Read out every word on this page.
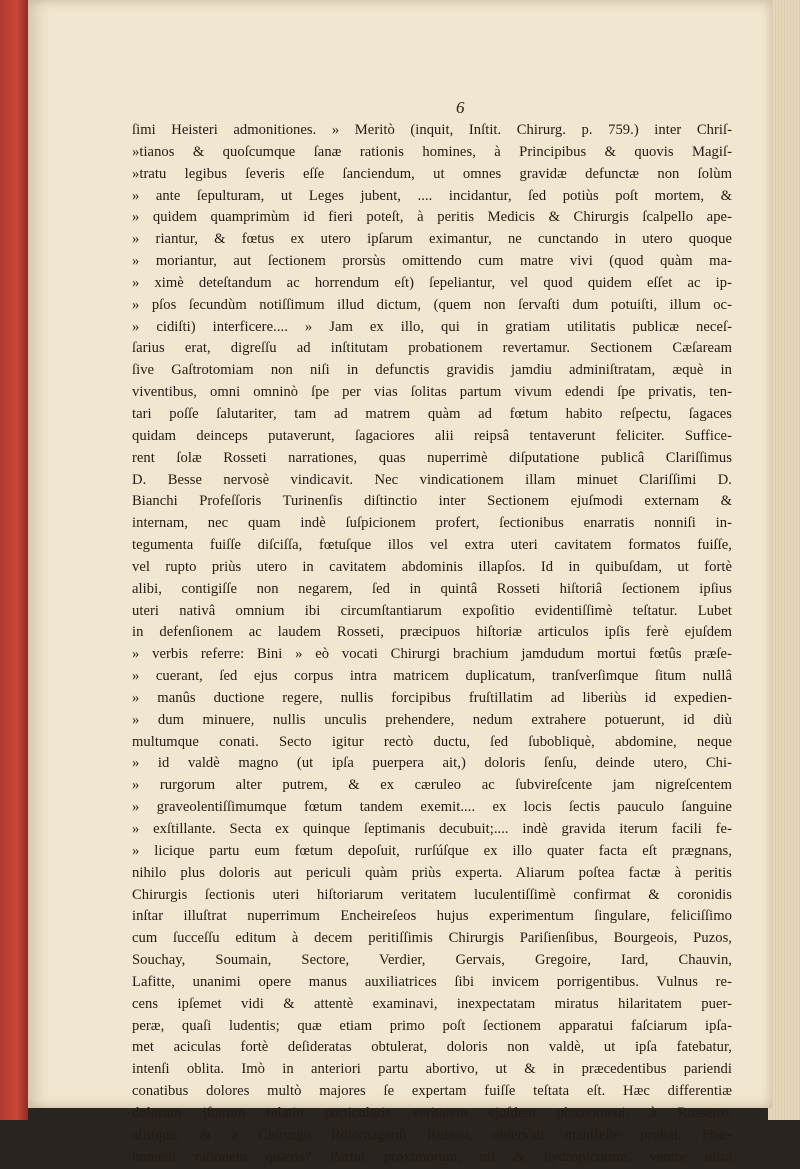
6
ſimi Heisteri admonitiones. » Meritò (inquit, Inſtit. Chirurg. p. 759.) inter Chriſ-
»tianos & quoſcumque ſanæ rationis homines, à Principibus & quovis Magiſ-
»tratu legibus ſeveris eſſe ſanciendum, ut omnes gravidæ defunctæ non ſolùm
» ante ſepulturam, ut Leges jubent, .... incidantur, ſed potiùs poſt mortem, &
» quidem quamprimùm id fieri poteſt, à peritis Medicis & Chirurgis ſcalpello ape-
» riantur, & fœtus ex utero ipſarum eximantur, ne cunctando in utero quoque
» moriantur, aut ſectionem prorsùs omittendo cum matre vivi (quod quàm ma-
» ximè deteſtandum ac horrendum eſt) ſepeliantur, vel quod quidem eſſet ac ip-
» pſos ſecundùm notiſſimum illud dictum, (quem non ſervaſti dum potuiſti, illum oc-
» cidiſti) interficere.... » Jam ex illo, qui in gratiam utilitatis publicæ neceſ-
ſarius erat, digreſſu ad inſtitutam probationem revertamur. Sectionem Cæſaream
ſive Gaſtrotomiam non niſi in defunctis gravidis jamdiu adminiſtratam, æquè in
viventibus, omni omninò ſpe per vias ſolitas partum vivum edendi ſpe privatis, ten-
tari poſſe ſalutariter, tam ad matrem quàm ad fœtum habito reſpectu, ſagaces
quidam deinceps putaverunt, ſagaciores alii reipsâ tentaverunt feliciter. Suffice-
rent ſolæ Rosseti narrationes, quas nuperrimè diſputatione publicâ Clariſſimus
D. Besse nervosè vindicavit. Nec vindicationem illam minuet Clariſſimi D.
Bianchi Profeſſoris Turinenſis diſtinctio inter Sectionem ejuſmodi externam &
internam, nec quam indè ſuſpicionem profert, ſectionibus enarratis nonniſi in-
tegumenta fuiſſe diſciſſa, fœtuſque illos vel extra uteri cavitatem formatos fuiſſe,
vel rupto priùs utero in cavitatem abdominis illapſos. Id in quibuſdam, ut fortè
alibi, contigiſſe non negarem, ſed in quintâ Rosseti hiſtoriâ ſectionem ipſius
uteri nativâ omnium ibi circumſtantiarum expoſitio evidentiſſimè teſtatur. Lubet
in defenſionem ac laudem Rosseti, præcipuos hiſtoriæ articulos ipſis ferè ejuſdem
» verbis referre: Bini » eò vocati Chirurgi brachium jamdudum mortui fœtûs præſe-
» cuerant, ſed ejus corpus intra matricem duplicatum, tranſverſimque ſitum nullâ
» manûs ductione regere, nullis forcipibus fruſtillatim ad liberiùs id expedien-
» dum minuere, nullis unculis prehendere, nedum extrahere potuerunt, id diù
multumque conati. Secto igitur rectò ductu, ſed ſubobliquè, abdomine, neque
» id valdè magno (ut ipſa puerpera ait,) doloris ſenſu, deinde utero, Chi-
» rurgorum alter putrem, & ex cæruleo ac ſubvireſcente jam nigreſcentem
» graveolentiſſimumque fœtum tandem exemit.... ex locis ſectis pauculo ſanguine
» exſtillante. Secta ex quinque ſeptimanis decubuit;.... indè gravida iterum facili fe-
» licique partu eum fœtum depoſuit, rurſúſque ex illo quater facta eſt prægnans,
nihilo plus doloris aut periculi quàm priùs experta. Aliarum poſtea factæ à peritis
Chirurgis ſectionis uteri hiſtoriarum veritatem luculentiſſimè confirmat & coronidis
inſtar illuſtrat nuperrimum Encheireſeos hujus experimentum ſingulare, feliciſſimo
cum ſucceſſu editum à decem peritiſſimis Chirurgis Pariſienſibus, Bourgeois, Puzos,
Souchay, Soumain, Sectore, Verdier, Gervais, Gregoire, Iard, Chauvin,
Lafitte, unanimi opere manus auxiliatrices ſibi invicem porrigentibus. Vulnus re-
cens ipſemet vidi & attentè examinavi, inexpectatam miratus hilaritatem puer-
peræ, quaſi ludentis; quæ etiam primo poſt ſectionem apparatui faſciarum ipſa-
met aciculas fortè deſideratas obtulerat, doloris non valdè, ut ipſa fatebatur,
intenſi oblita. Imò in anteriori partu abortivo, ut & in præcedentibus pariendi
conatibus dolores multò majores ſe expertam fuiſſe teſtata eſt. Hæc differentiæ
dolorum iſtarum relatio particularis veritatem ejuſdem phænomeni, à Rossetto,
aliiſque, & à Chirurgo Rotomagenſi Ruleau, obſervati manifeſtè probat. Phæ-
nomeni rationem quæris? Partui proximorum, uti & hydropicorum, ventre ultrà
